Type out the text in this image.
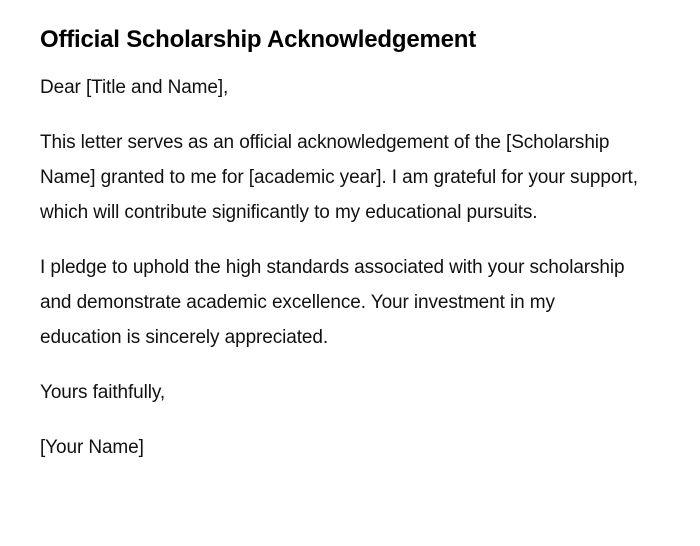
Official Scholarship Acknowledgement

Dear [Title and Name],

This letter serves as an official acknowledgement of the [Scholarship Name] granted to me for [academic year]. I am grateful for your support, which will contribute significantly to my educational pursuits.

I pledge to uphold the high standards associated with your scholarship and demonstrate academic excellence. Your investment in my education is sincerely appreciated.

Yours faithfully,

[Your Name]
